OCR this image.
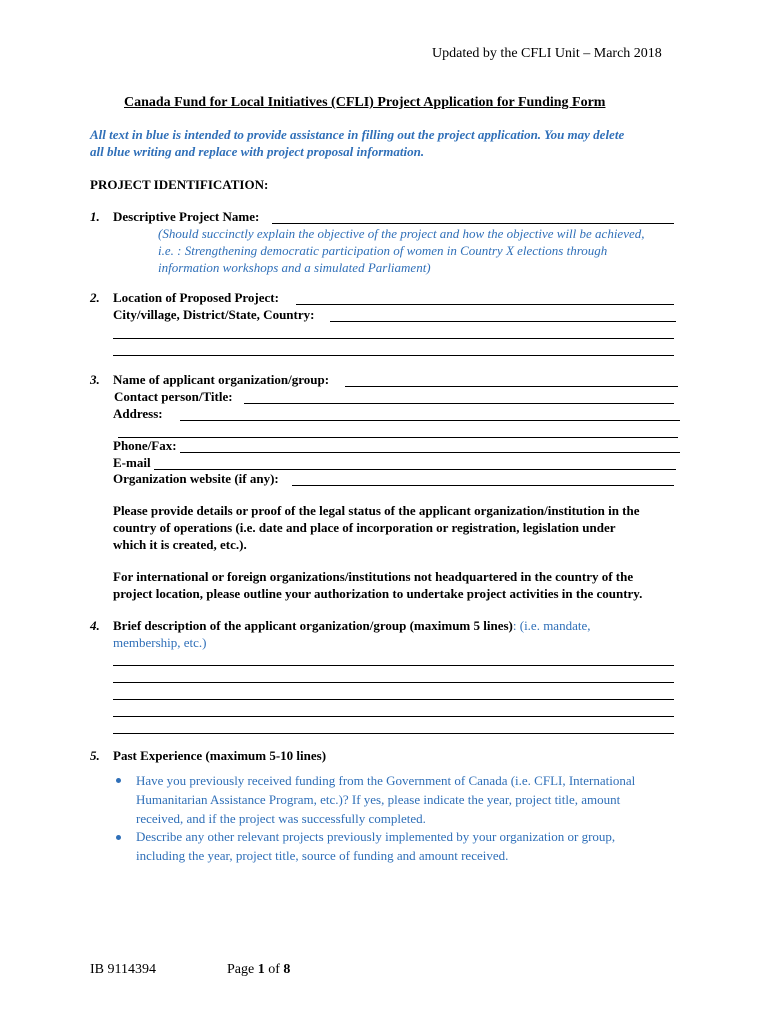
Updated by the CFLI Unit – March 2018
Canada Fund for Local Initiatives (CFLI) Project Application for Funding Form
All text in blue is intended to provide assistance in filling out the project application. You may delete
all blue writing and replace with project proposal information.
PROJECT IDENTIFICATION:
1. Descriptive Project Name:
(Should succinctly explain the objective of the project and how the objective will be achieved,
i.e. : Strengthening democratic participation of women in Country X elections through
information workshops and a simulated Parliament)
2. Location of Proposed Project:
City/village, District/State, Country:
3. Name of applicant organization/group:
Contact person/Title:
Address:
Phone/Fax:
E-mail
Organization website (if any):
Please provide details or proof of the legal status of the applicant organization/institution in the
country of operations (i.e. date and place of incorporation or registration, legislation under
which it is created, etc.).
For international or foreign organizations/institutions not headquartered in the country of the
project location, please outline your authorization to undertake project activities in the country.
4. Brief description of the applicant organization/group (maximum 5 lines): (i.e. mandate,
membership, etc.)
5. Past Experience (maximum 5-10 lines)
Have you previously received funding from the Government of Canada (i.e. CFLI, International
Humanitarian Assistance Program, etc.)? If yes, please indicate the year, project title, amount
received, and if the project was successfully completed.
Describe any other relevant projects previously implemented by your organization or group,
including the year, project title, source of funding and amount received.
IB 9114394	Page 1 of 8
